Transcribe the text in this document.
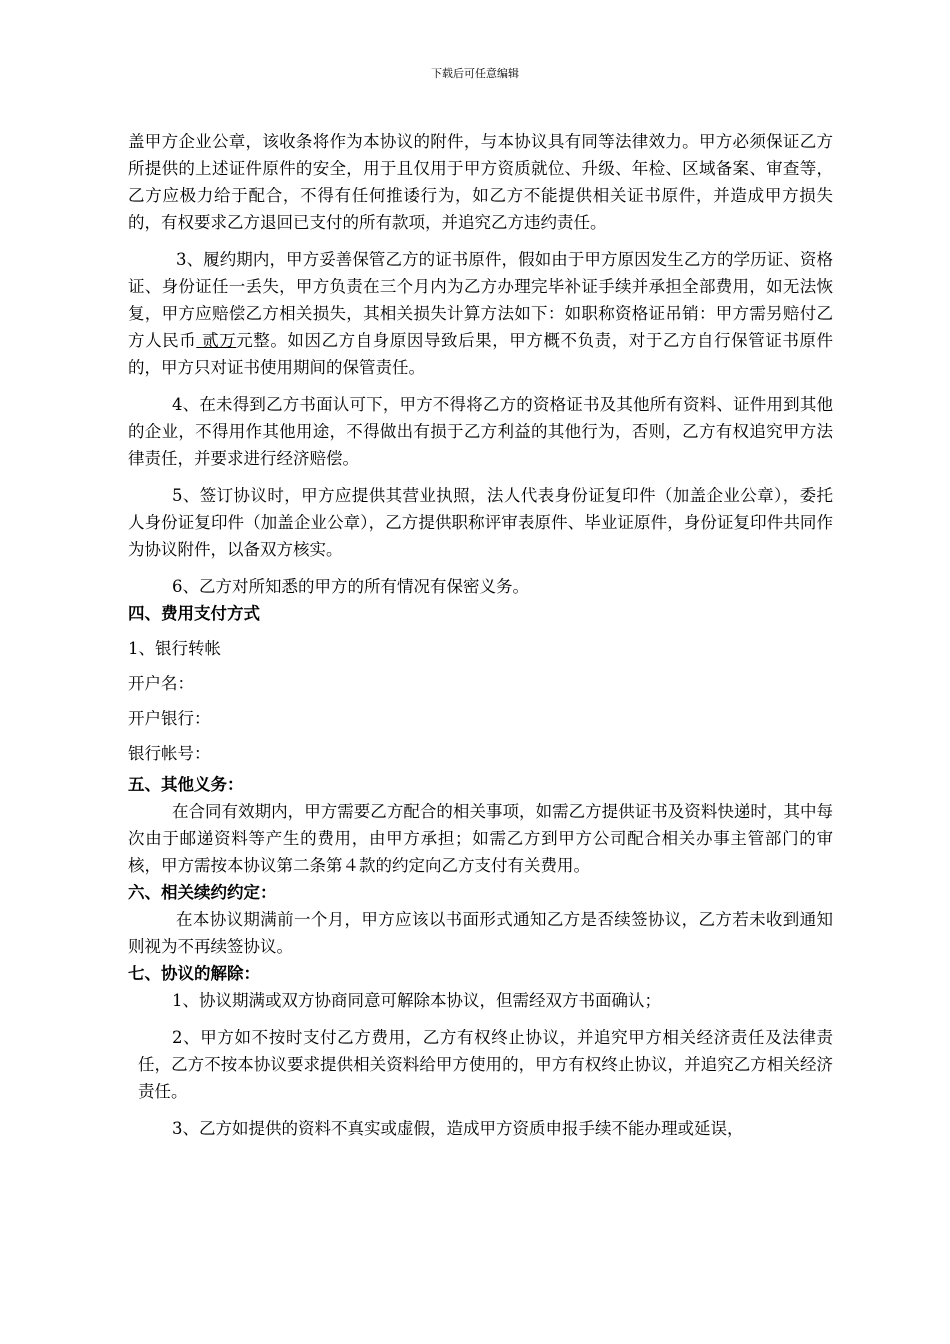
下载后可任意编辑

盖甲方企业公章，该收条将作为本协议的附件，与本协议具有同等法律效力。甲方必须保证乙方所提供的上述证件原件的安全，用于且仅用于甲方资质就位、升级、年检、区域备案、审查等，乙方应极力给于配合，不得有任何推诿行为，如乙方不能提供相关证书原件，并造成甲方损失的，有权要求乙方退回已支付的所有款项，并追究乙方违约责任。

3、履约期内，甲方妥善保管乙方的证书原件，假如由于甲方原因发生乙方的学历证、资格证、身份证任一丢失，甲方负责在三个月内为乙方办理完毕补证手续并承担全部费用，如无法恢复，甲方应赔偿乙方相关损失，其相关损失计算方法如下：如职称资格证吊销：甲方需另赔付乙方人民币 贰万元整。如因乙方自身原因导致后果，甲方概不负责，对于乙方自行保管证书原件的，甲方只对证书使用期间的保管责任。

4、在未得到乙方书面认可下，甲方不得将乙方的资格证书及其他所有资料、证件用到其他的企业，不得用作其他用途，不得做出有损于乙方利益的其他行为，否则，乙方有权追究甲方法律责任，并要求进行经济赔偿。

5、签订协议时，甲方应提供其营业执照，法人代表身份证复印件（加盖企业公章），委托人身份证复印件（加盖企业公章），乙方提供职称评审表原件、毕业证原件，身份证复印件共同作为协议附件，以备双方核实。

6、乙方对所知悉的甲方的所有情况有保密义务。

四、费用支付方式

1、银行转帐

开户名：

开户银行：

银行帐号：

五、其他义务：

在合同有效期内，甲方需要乙方配合的相关事项，如需乙方提供证书及资料快递时，其中每次由于邮递资料等产生的费用，由甲方承担；如需乙方到甲方公司配合相关办事主管部门的审核，甲方需按本协议第二条第４款的约定向乙方支付有关费用。

六、相关续约约定：

在本协议期满前一个月，甲方应该以书面形式通知乙方是否续签协议，乙方若未收到通知则视为不再续签协议。

七、协议的解除：

1、协议期满或双方协商同意可解除本协议，但需经双方书面确认；

2、甲方如不按时支付乙方费用，乙方有权终止协议，并追究甲方相关经济责任及法律责任，乙方不按本协议要求提供相关资料给甲方使用的，甲方有权终止协议，并追究乙方相关经济责任。

3、乙方如提供的资料不真实或虚假，造成甲方资质申报手续不能办理或延误，
